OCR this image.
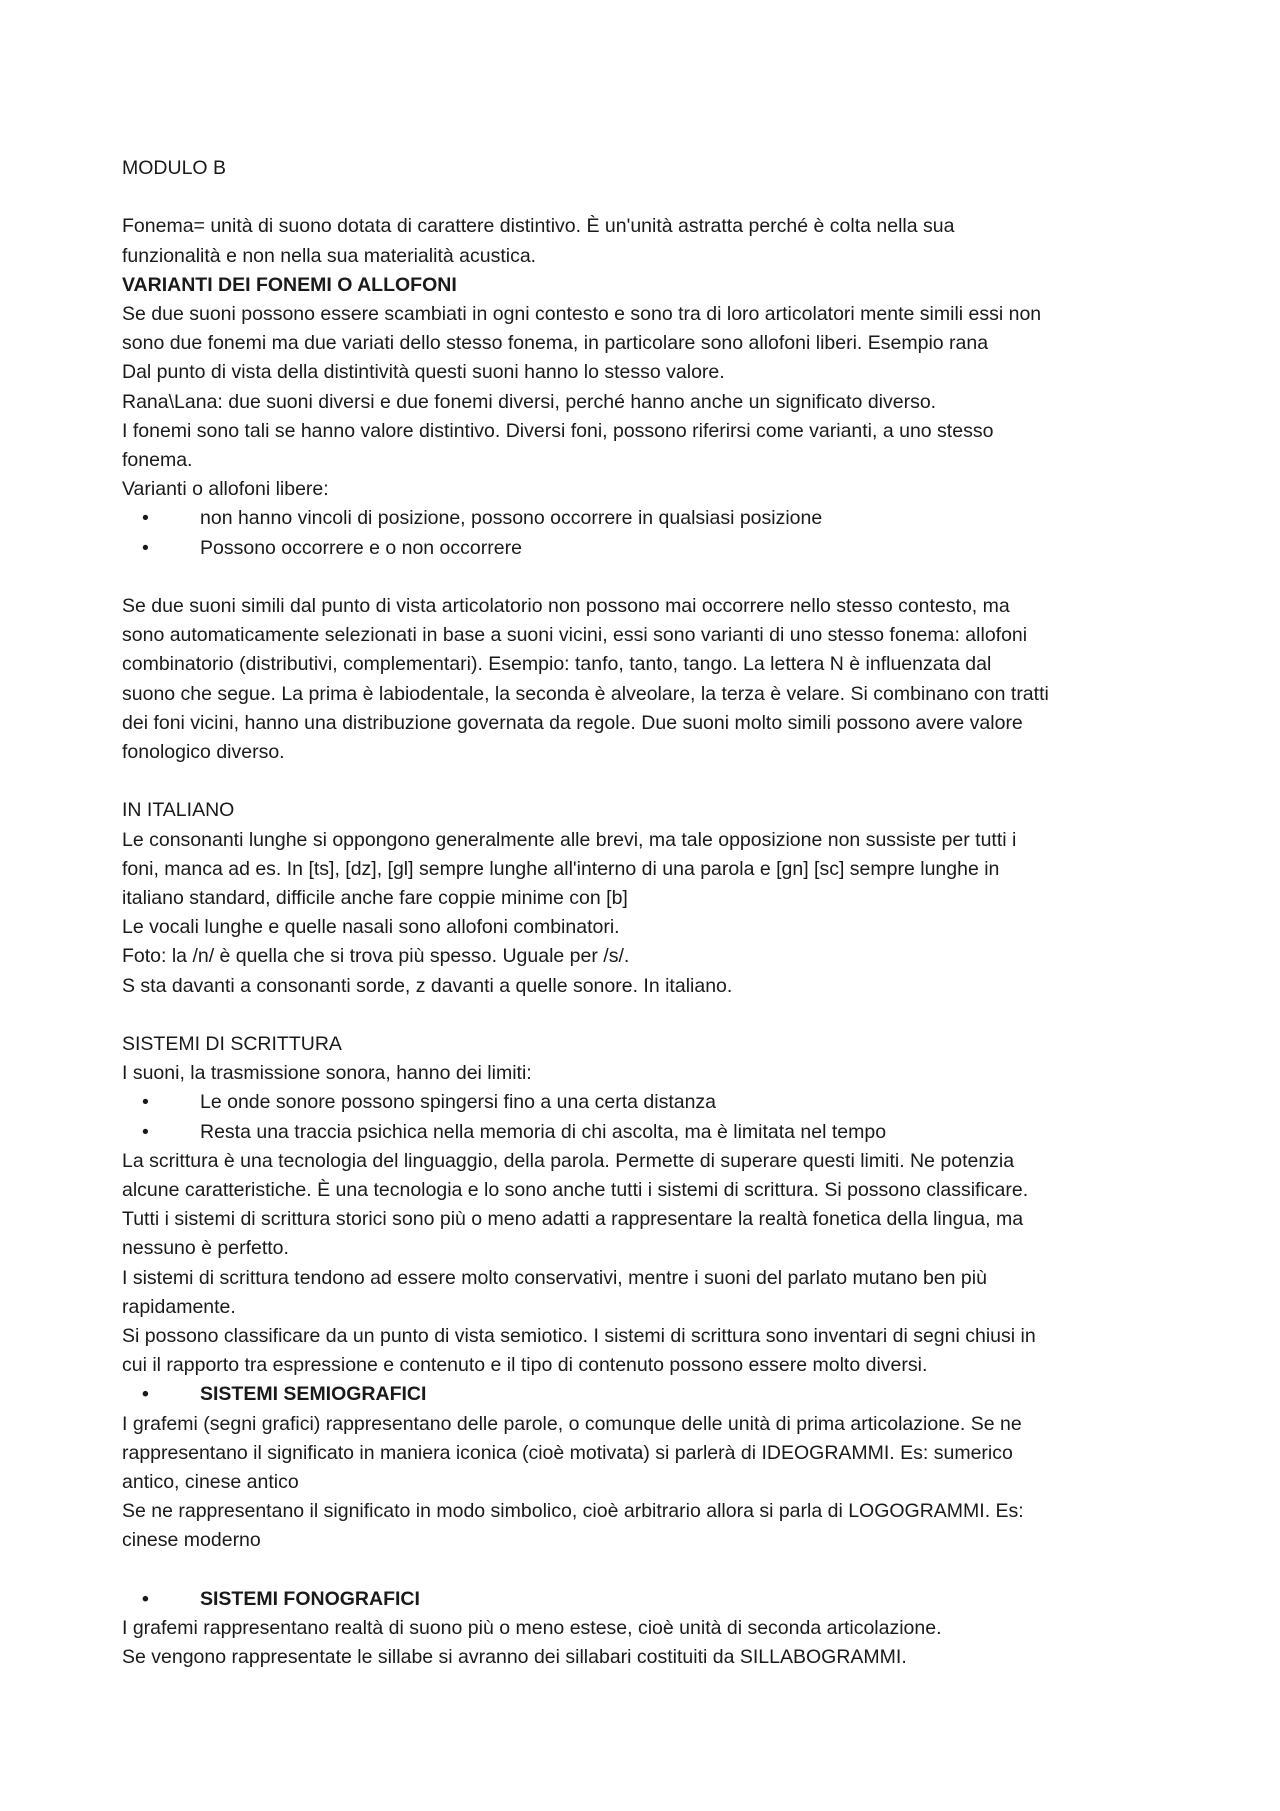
MODULO B
Fonema= unità di suono dotata di carattere distintivo. È un'unità astratta perché è colta nella sua
funzionalità e non nella sua materialità acustica.
VARIANTI DEI FONEMI O ALLOFONI
Se due suoni possono essere scambiati in ogni contesto e sono tra di loro articolatori mente simili essi non
sono due fonemi ma due variati dello stesso fonema, in particolare sono allofoni liberi. Esempio rana
Dal punto di vista della distintività questi suoni hanno lo stesso valore.
Rana\Lana: due suoni diversi e due fonemi diversi, perché hanno anche un significato diverso.
I fonemi sono tali se hanno valore distintivo. Diversi foni, possono riferirsi come varianti, a uno stesso
fonema.
Varianti o allofoni libere:
•	non hanno vincoli di posizione, possono occorrere in qualsiasi posizione
•	Possono occorrere e o non occorrere
Se due suoni simili dal punto di vista articolatorio non possono mai occorrere nello stesso contesto, ma
sono automaticamente selezionati in base a suoni vicini, essi sono varianti di uno stesso fonema: allofoni
combinatorio (distributivi, complementari). Esempio: tanfo, tanto, tango. La lettera N è influenzata dal
suono che segue. La prima è labiodentale, la seconda è alveolare, la terza è velare. Si combinano con tratti
dei foni vicini, hanno una distribuzione governata da regole. Due suoni molto simili possono avere valore
fonologico diverso.
IN ITALIANO
Le consonanti lunghe si oppongono generalmente alle brevi, ma tale opposizione non sussiste per tutti i
foni, manca ad es. In [ts], [dz], [gl] sempre lunghe all'interno di una parola e [gn] [sc] sempre lunghe in
italiano standard, difficile anche fare coppie minime con [b]
Le vocali lunghe e quelle nasali sono allofoni combinatori.
Foto: la /n/ è quella che si trova più spesso. Uguale per /s/.
S sta davanti a consonanti sorde, z davanti a quelle sonore. In italiano.
SISTEMI DI SCRITTURA
I suoni, la trasmissione sonora, hanno dei limiti:
•	Le onde sonore possono spingersi fino a una certa distanza
•	Resta una traccia psichica nella memoria di chi ascolta, ma è limitata nel tempo
La scrittura è una tecnologia del linguaggio, della parola. Permette di superare questi limiti. Ne potenzia
alcune caratteristiche. È una tecnologia e lo sono anche tutti i sistemi di scrittura. Si possono classificare.
Tutti i sistemi di scrittura storici sono più o meno adatti a rappresentare la realtà fonetica della lingua, ma
nessuno è perfetto.
I sistemi di scrittura tendono ad essere molto conservativi, mentre i suoni del parlato mutano ben più
rapidamente.
Si possono classificare da un punto di vista semiotico. I sistemi di scrittura sono inventari di segni chiusi in
cui il rapporto tra espressione e contenuto e il tipo di contenuto possono essere molto diversi.
•	SISTEMI SEMIOGRAFICI
I grafemi (segni grafici) rappresentano delle parole, o comunque delle unità di prima articolazione. Se ne
rappresentano il significato in maniera iconica (cioè motivata) si parlerà di IDEOGRAMMI. Es: sumerico
antico, cinese antico
Se ne rappresentano il significato in modo simbolico, cioè arbitrario allora si parla di LOGOGRAMMI. Es:
cinese moderno
•	SISTEMI FONOGRAFICI
I grafemi rappresentano realtà di suono più o meno estese, cioè unità di seconda articolazione.
Se vengono rappresentate le sillabe si avranno dei sillabari costituiti da SILLABOGRAMMI.
